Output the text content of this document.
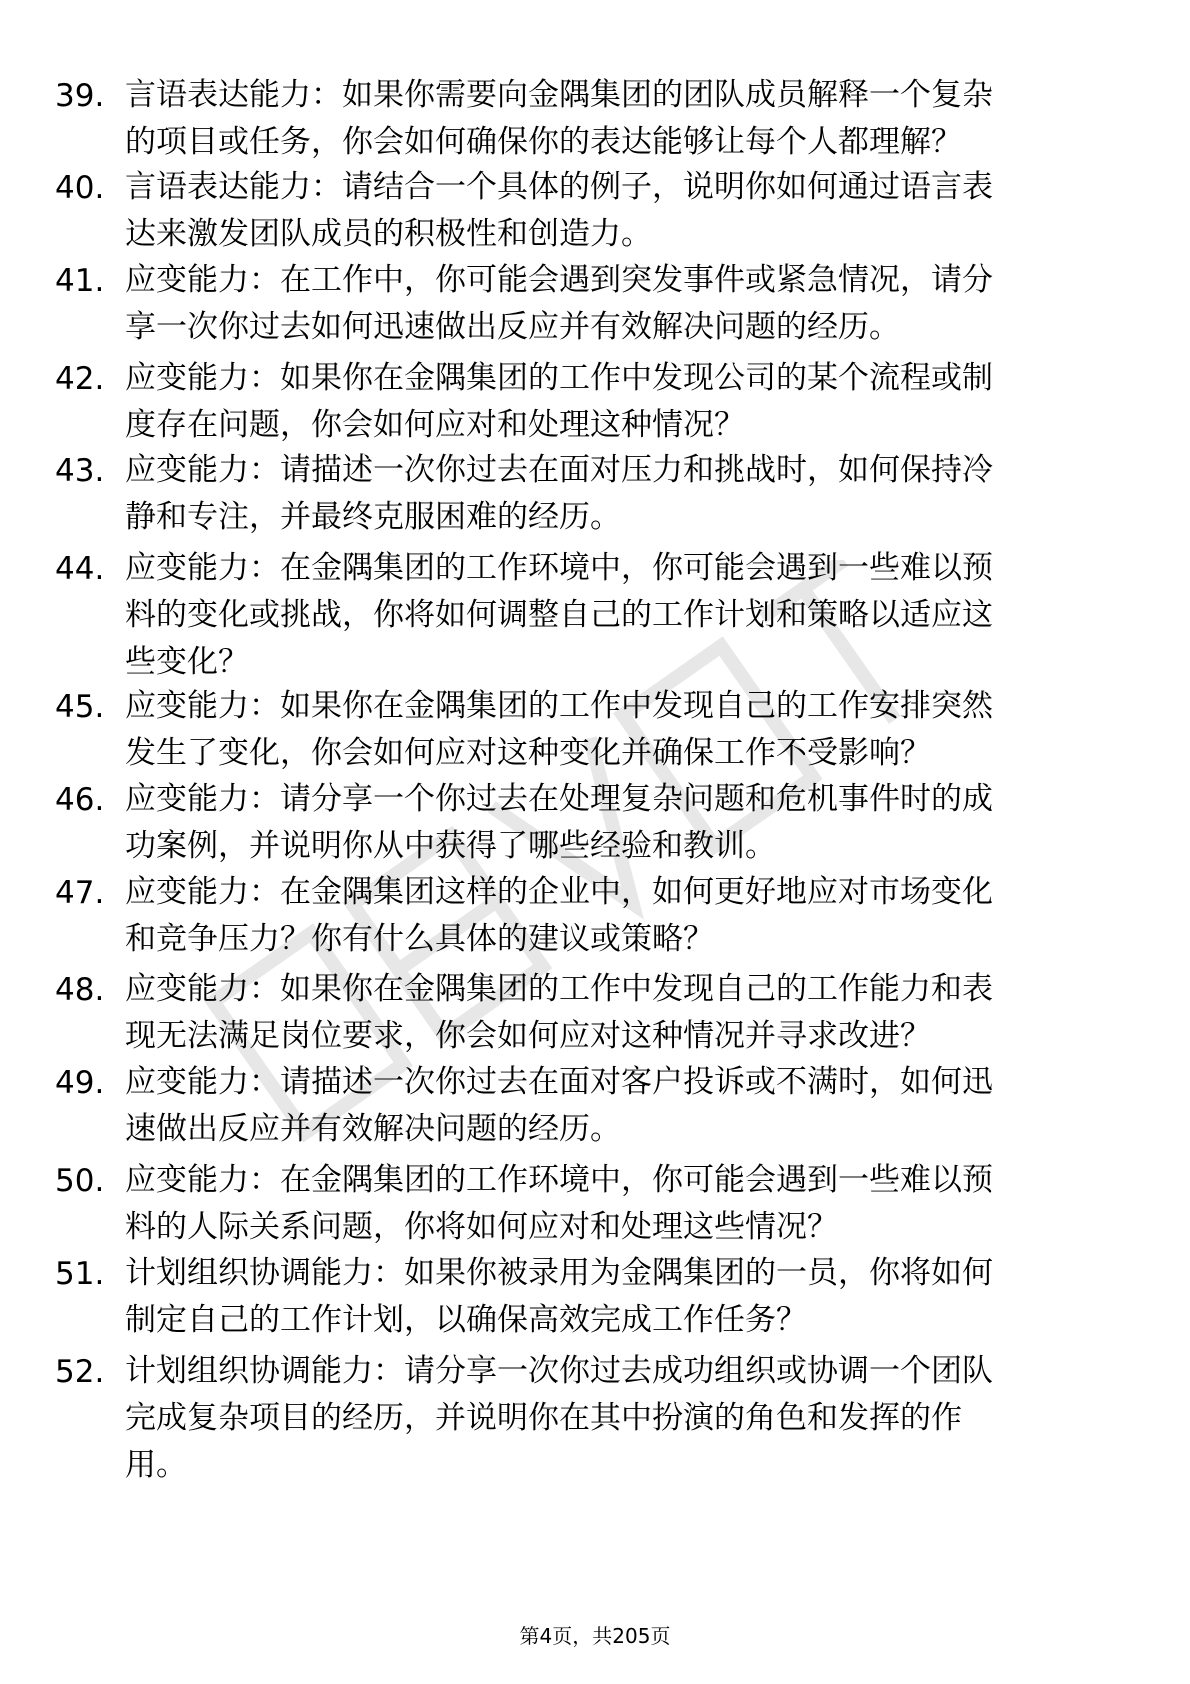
39. 言语表达能力：如果你需要向金隅集团的团队成员解释一个复杂
的项目或任务，你会如何确保你的表达能够让每个人都理解？
40. 言语表达能力：请结合一个具体的例子，说明你如何通过语言表
达来激发团队成员的积极性和创造力。
41. 应变能力：在工作中，你可能会遇到突发事件或紧急情况，请分
享一次你过去如何迅速做出反应并有效解决问题的经历。
42. 应变能力：如果你在金隅集团的工作中发现公司的某个流程或制
度存在问题，你会如何应对和处理这种情况？
43. 应变能力：请描述一次你过去在面对压力和挑战时，如何保持冷
静和专注，并最终克服困难的经历。
44. 应变能力：在金隅集团的工作环境中，你可能会遇到一些难以预
料的变化或挑战，你将如何调整自己的工作计划和策略以适应这
些变化？
45. 应变能力：如果你在金隅集团的工作中发现自己的工作安排突然
发生了变化，你会如何应对这种变化并确保工作不受影响？
46. 应变能力：请分享一个你过去在处理复杂问题和危机事件时的成
功案例，并说明你从中获得了哪些经验和教训。
47. 应变能力：在金隅集团这样的企业中，如何更好地应对市场变化
和竞争压力？你有什么具体的建议或策略？
48. 应变能力：如果你在金隅集团的工作中发现自己的工作能力和表
现无法满足岗位要求，你会如何应对这种情况并寻求改进？
49. 应变能力：请描述一次你过去在面对客户投诉或不满时，如何迅
速做出反应并有效解决问题的经历。
50. 应变能力：在金隅集团的工作环境中，你可能会遇到一些难以预
料的人际关系问题，你将如何应对和处理这些情况？
51. 计划组织协调能力：如果你被录用为金隅集团的一员，你将如何
制定自己的工作计划，以确保高效完成工作任务？
52. 计划组织协调能力：请分享一次你过去成功组织或协调一个团队
完成复杂项目的经历，并说明你在其中扮演的角色和发挥的作
用。
第4页，共205页
